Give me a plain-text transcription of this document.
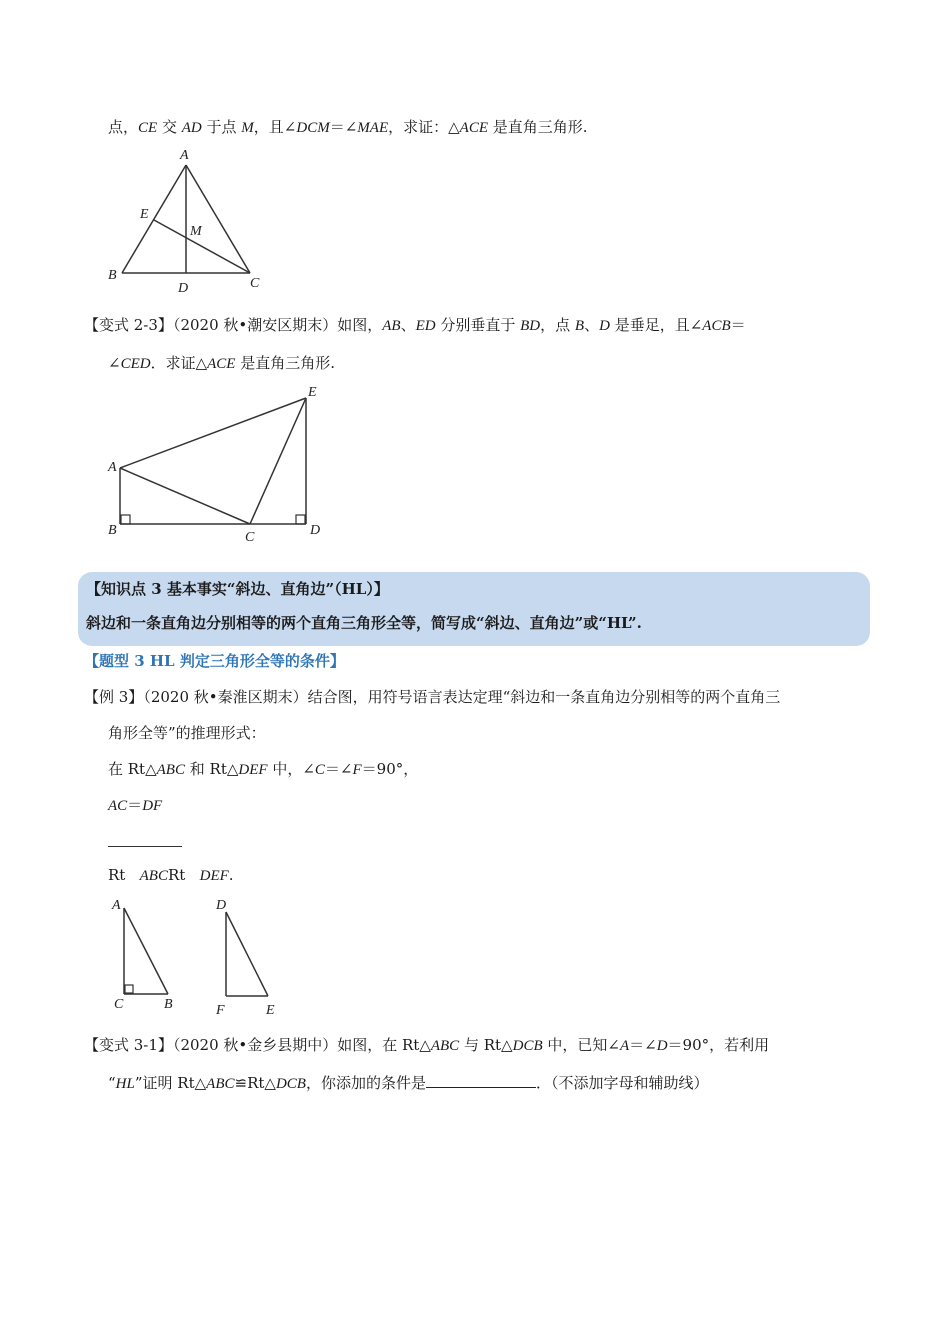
点，CE 交 AD 于点 M，且∠DCM＝∠MAE，求证：△ACE 是直角三角形.
A
E
M
B
C
D
【变式 2-3】（2020 秋•潮安区期末）如图，AB、ED 分别垂直于 BD，点 B、D 是垂足，且∠ACB＝
∠CED．求证△ACE 是直角三角形.
A
B	C	D
E
【知识点 3 基本事实“斜边、直角边”（HL）】
斜边和一条直角边分别相等的两个直角三角形全等，简写成“斜边、直角边”或“HL”.
【题型 3 HL 判定三角形全等的条件】
【例 3】（2020 秋•秦淮区期末）结合图，用符号语言表达定理“斜边和一条直角边分别相等的两个直角三
角形全等”的推理形式：
在 Rt△ABC 和 Rt△DEF 中，∠C＝∠F＝90°，
AC＝DF
Rt ABCRt DEF.
A
C	B
D
F	E
【变式 3-1】（2020 秋•金乡县期中）如图，在 Rt△ABC 与 Rt△DCB 中，已知∠A＝∠D＝90°，若利用
“HL”证明 Rt△ABC≌Rt△DCB，你添加的条件是	．（不添加字母和辅助线）
